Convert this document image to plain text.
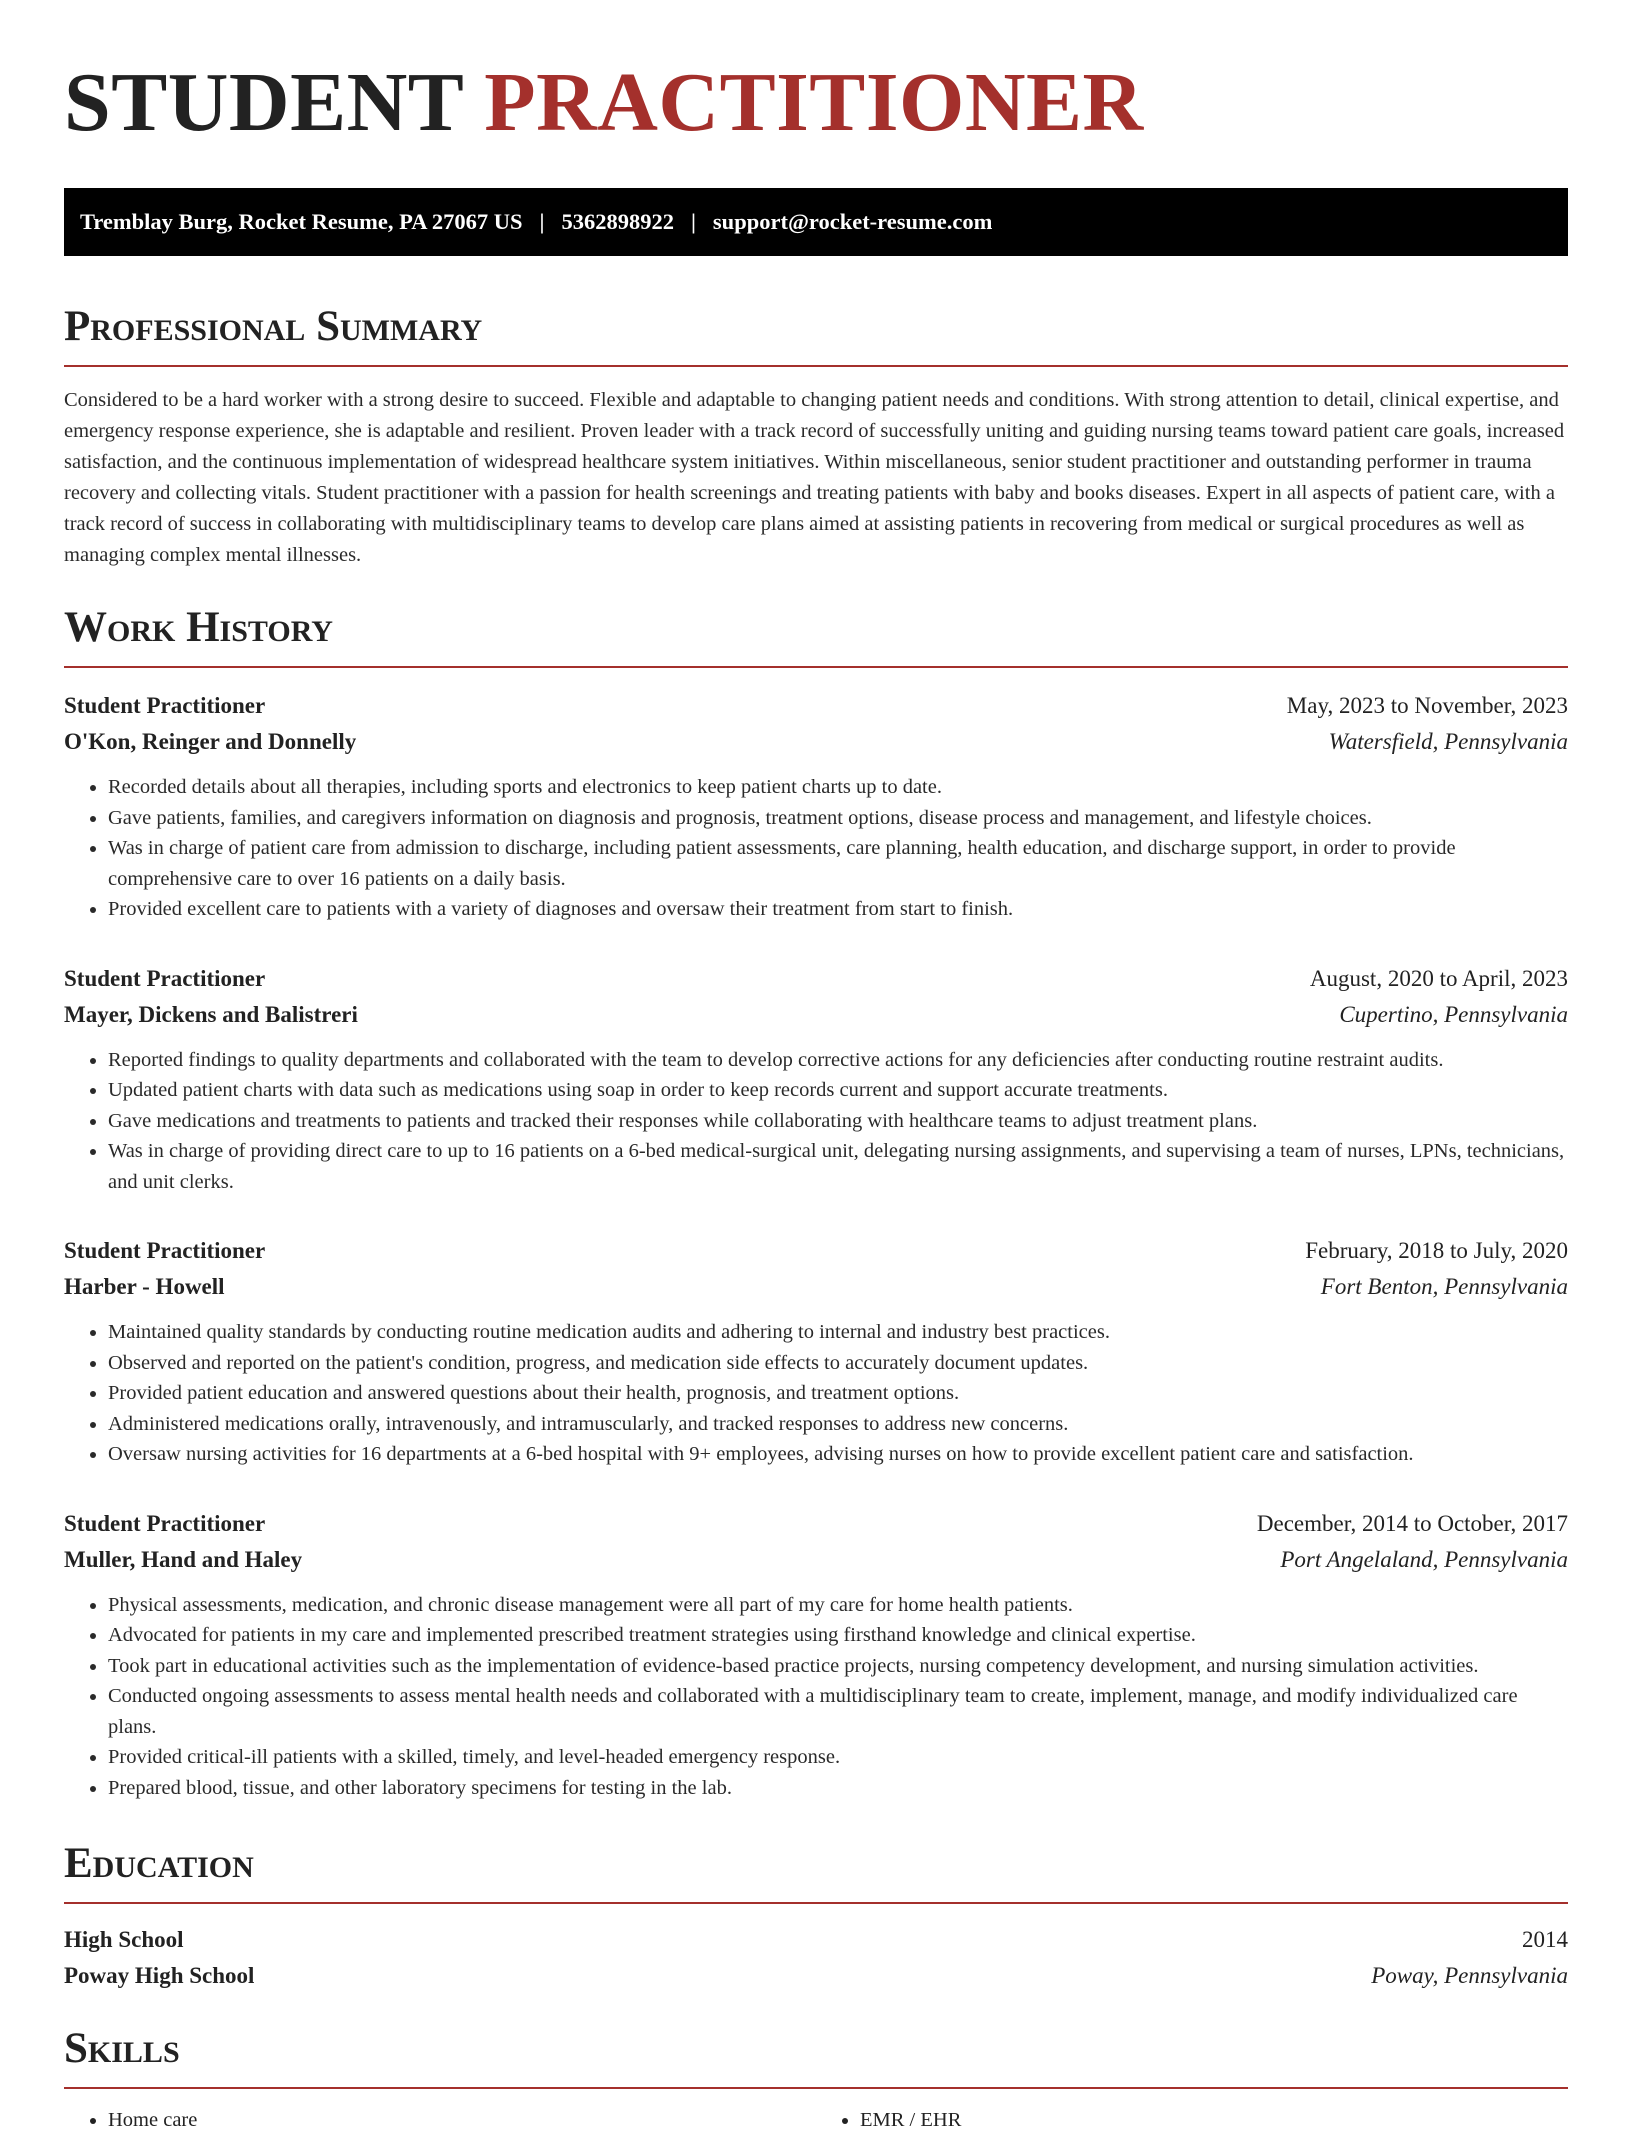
STUDENT PRACTITIONER
Tremblay Burg, Rocket Resume, PA 27067 US | 5362898922 | support@rocket-resume.com
Professional Summary

Considered to be a hard worker with a strong desire to succeed. Flexible and adaptable to changing patient needs and conditions. With strong attention to detail, clinical expertise, and emergency response experience, she is adaptable and resilient. Proven leader with a track record of successfully uniting and guiding nursing teams toward patient care goals, increased satisfaction, and the continuous implementation of widespread healthcare system initiatives. Within miscellaneous, senior student practitioner and outstanding performer in trauma recovery and collecting vitals. Student practitioner with a passion for health screenings and treating patients with baby and books diseases. Expert in all aspects of patient care, with a track record of success in collaborating with multidisciplinary teams to develop care plans aimed at assisting patients in recovering from medical or surgical procedures as well as managing complex mental illnesses.

Work History
Student Practitioner	May, 2023 to November, 2023
O'Kon, Reinger and Donnelly	Watersfield, Pennsylvania
• Recorded details about all therapies, including sports and electronics to keep patient charts up to date.
• Gave patients, families, and caregivers information on diagnosis and prognosis, treatment options, disease process and management, and lifestyle choices.
• Was in charge of patient care from admission to discharge, including patient assessments, care planning, health education, and discharge support, in order to provide comprehensive care to over 16 patients on a daily basis.
• Provided excellent care to patients with a variety of diagnoses and oversaw their treatment from start to finish.
Student Practitioner	August, 2020 to April, 2023
Mayer, Dickens and Balistreri	Cupertino, Pennsylvania
• Reported findings to quality departments and collaborated with the team to develop corrective actions for any deficiencies after conducting routine restraint audits.
• Updated patient charts with data such as medications using soap in order to keep records current and support accurate treatments.
• Gave medications and treatments to patients and tracked their responses while collaborating with healthcare teams to adjust treatment plans.
• Was in charge of providing direct care to up to 16 patients on a 6-bed medical-surgical unit, delegating nursing assignments, and supervising a team of nurses, LPNs, technicians, and unit clerks.
Student Practitioner	February, 2018 to July, 2020
Harber - Howell	Fort Benton, Pennsylvania
• Maintained quality standards by conducting routine medication audits and adhering to internal and industry best practices.
• Observed and reported on the patient's condition, progress, and medication side effects to accurately document updates.
• Provided patient education and answered questions about their health, prognosis, and treatment options.
• Administered medications orally, intravenously, and intramuscularly, and tracked responses to address new concerns.
• Oversaw nursing activities for 16 departments at a 6-bed hospital with 9+ employees, advising nurses on how to provide excellent patient care and satisfaction.
Student Practitioner	December, 2014 to October, 2017
Muller, Hand and Haley	Port Angelaland, Pennsylvania
• Physical assessments, medication, and chronic disease management were all part of my care for home health patients.
• Advocated for patients in my care and implemented prescribed treatment strategies using firsthand knowledge and clinical expertise.
• Took part in educational activities such as the implementation of evidence-based practice projects, nursing competency development, and nursing simulation activities.
• Conducted ongoing assessments to assess mental health needs and collaborated with a multidisciplinary team to create, implement, manage, and modify individualized care plans.
• Provided critical-ill patients with a skilled, timely, and level-headed emergency response.
• Prepared blood, tissue, and other laboratory specimens for testing in the lab.
Education
High School	2014
Poway High School	Poway, Pennsylvania
Skills
• Home care
•	EMR / EHR
